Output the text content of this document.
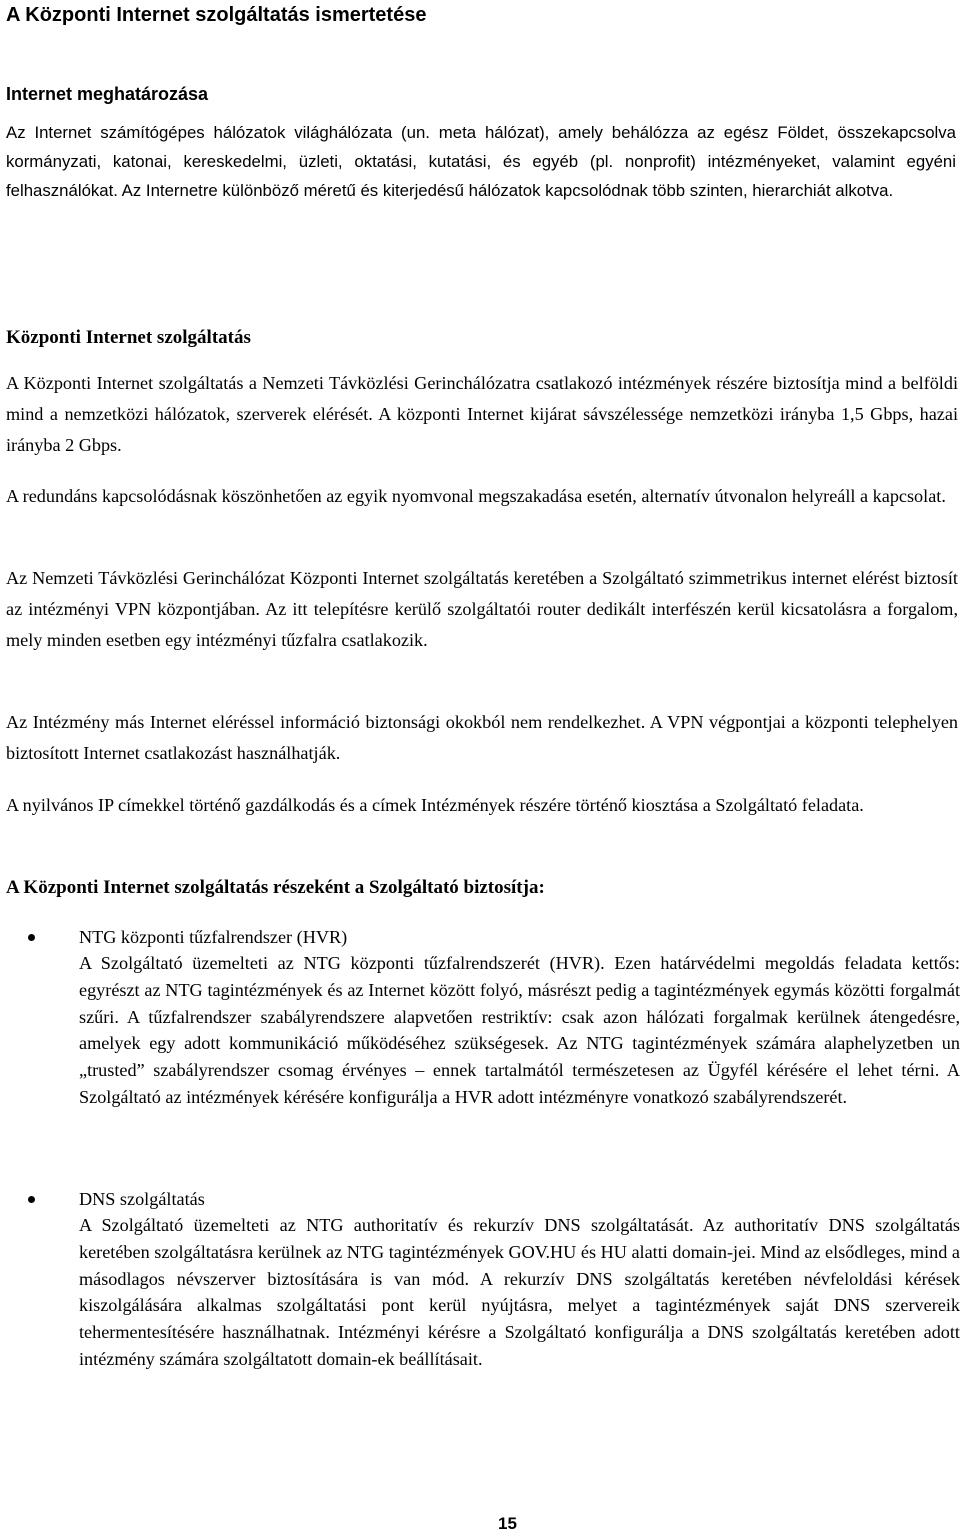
A Központi Internet szolgáltatás ismertetése
Internet meghatározása

Az Internet számítógépes hálózatok világhálózata (un. meta hálózat), amely behálózza az egész Földet, összekapcsolva kormányzati, katonai, kereskedelmi, üzleti, oktatási, kutatási, és egyéb (pl. nonprofit) intézményeket, valamint egyéni felhasználókat. Az Internetre különböző méretű és kiterjedésű hálózatok kapcsolódnak több szinten, hierarchiát alkotva.

Központi Internet szolgáltatás

A Központi Internet szolgáltatás a Nemzeti Távközlési Gerinchálózatra csatlakozó intézmények részére biztosítja mind a belföldi mind a nemzetközi hálózatok, szerverek elérését. A központi Internet kijárat sávszélessége nemzetközi irányba 1,5 Gbps, hazai irányba 2 Gbps.

A redundáns kapcsolódásnak köszönhetően az egyik nyomvonal megszakadása esetén, alternatív útvonalon helyreáll a kapcsolat.

Az Nemzeti Távközlési Gerinchálózat Központi Internet szolgáltatás keretében a Szolgáltató szimmetrikus internet elérést biztosít az intézményi VPN központjában. Az itt telepítésre kerülő szolgáltatói router dedikált interfészén kerül kicsatolásra a forgalom, mely minden esetben egy intézményi tűzfalra csatlakozik.

Az Intézmény más Internet eléréssel információ biztonsági okokból nem rendelkezhet. A VPN végpontjai a központi telephelyen biztosított Internet csatlakozást használhatják.

A nyilvános IP címekkel történő gazdálkodás és a címek Intézmények részére történő kiosztása a Szolgáltató feladata.

A Központi Internet szolgáltatás részeként a Szolgáltató biztosítja:
NTG központi tűzfalrendszer (HVR)

A Szolgáltató üzemelteti az NTG központi tűzfalrendszerét (HVR). Ezen határvédelmi megoldás feladata kettős: egyrészt az NTG tagintézmények és az Internet között folyó, másrészt pedig a tagintézmények egymás közötti forgalmát szűri. A tűzfalrendszer szabályrendszere alapvetően restriktív: csak azon hálózati forgalmak kerülnek átengedésre, amelyek egy adott kommunikáció működéséhez szükségesek. Az NTG tagintézmények számára alaphelyzetben un „trusted” szabályrendszer csomag érvényes – ennek tartalmától természetesen az Ügyfél kérésére el lehet térni. A Szolgáltató az intézmények kérésére konfigurálja a HVR adott intézményre vonatkozó szabályrendszerét.

DNS szolgáltatás

A Szolgáltató üzemelteti az NTG authoritatív és rekurzív DNS szolgáltatását. Az authoritatív DNS szolgáltatás keretében szolgáltatásra kerülnek az NTG tagintézmények GOV.HU és HU alatti domain-jei. Mind az elsődleges, mind a másodlagos névszerver biztosítására is van mód. A rekurzív DNS szolgáltatás keretében névfeloldási kérések kiszolgálására alkalmas szolgáltatási pont kerül nyújtásra, melyet a tagintézmények saját DNS szervereik tehermentesítésére használhatnak. Intézményi kérésre a Szolgáltató konfigurálja a DNS szolgáltatás keretében adott intézmény számára szolgáltatott domain-ek beállításait.

15
